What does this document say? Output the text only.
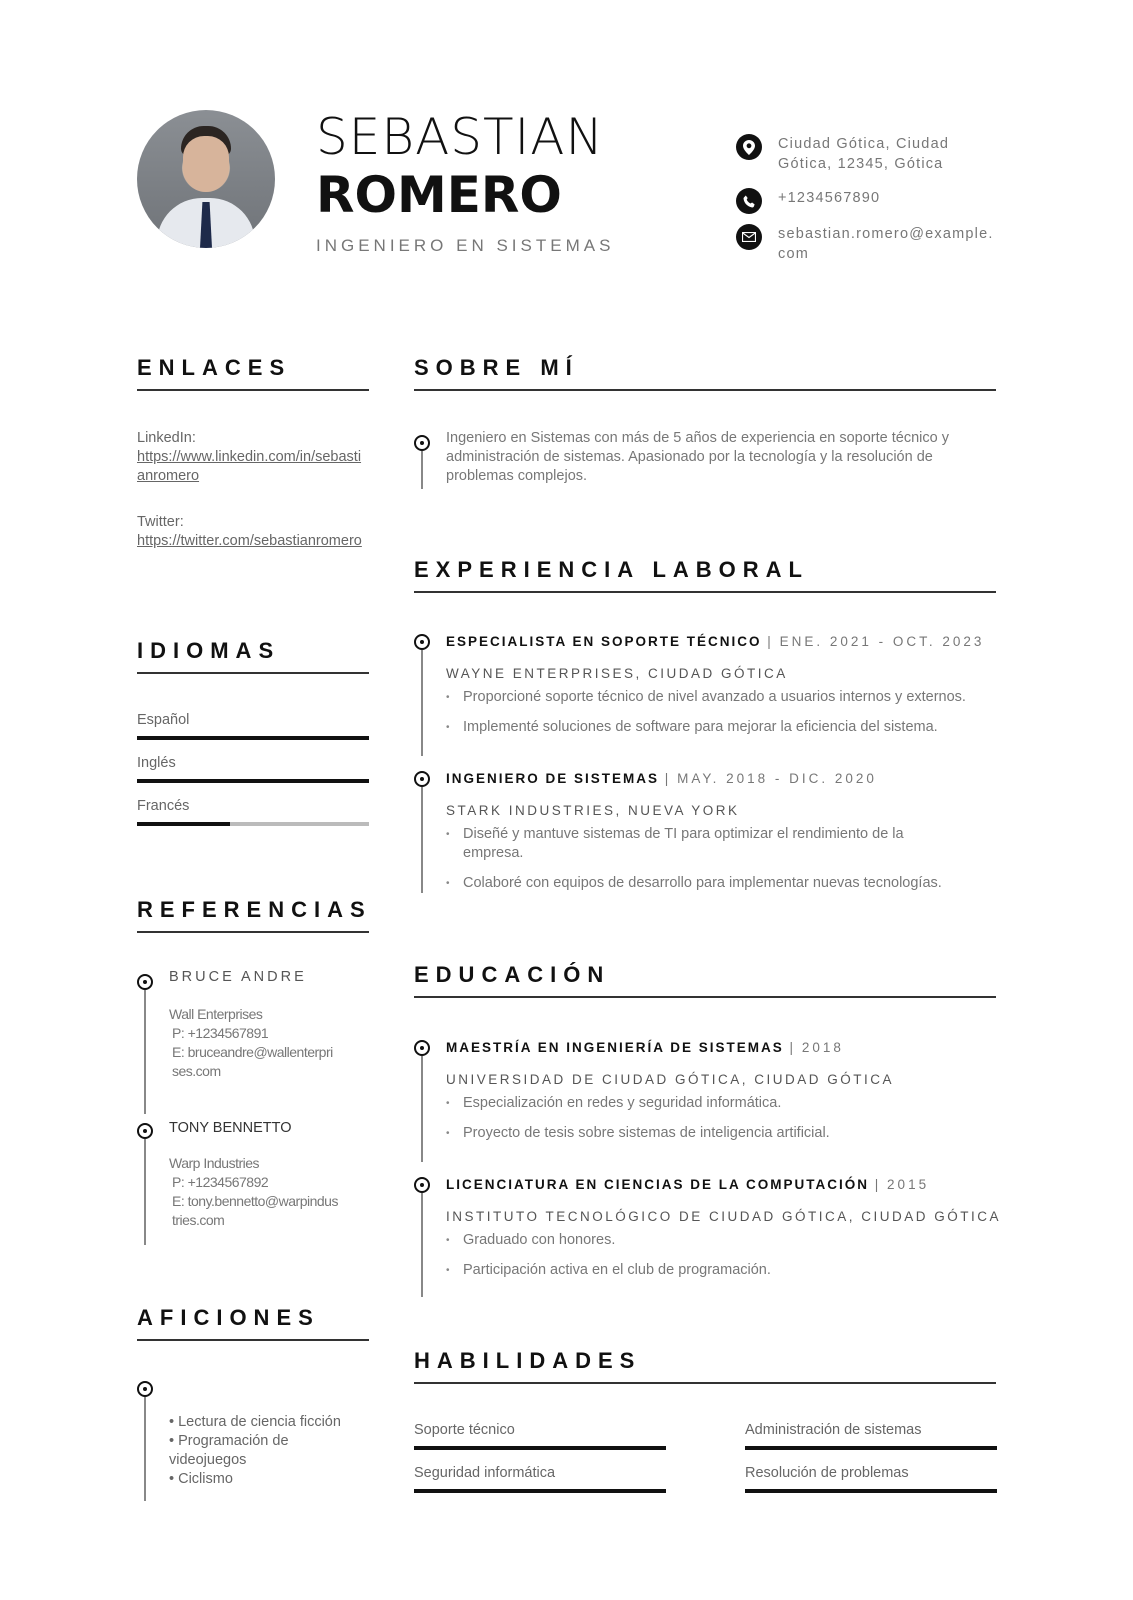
SEBASTIAN
ROMERO
INGENIERO EN SISTEMAS
Ciudad Gótica, Ciudad Gótica, 12345, Gótica
+1234567890
sebastian.romero@example.com
ENLACES
LinkedIn:
https://www.linkedin.com/in/sebastianromero
Twitter:
https://twitter.com/sebastianromero
IDIOMAS
Español
Inglés
Francés
REFERENCIAS
BRUCE ANDRE
Wall Enterprises
P: +1234567891
E: bruceandre@wallenterprises.com
TONY BENNETTO
Warp Industries
P: +1234567892
E: tony.bennetto@warpindustries.com
AFICIONES
• Lectura de ciencia ficción
• Programación de videojuegos
• Ciclismo
SOBRE MÍ
Ingeniero en Sistemas con más de 5 años de experiencia en soporte técnico y administración de sistemas. Apasionado por la tecnología y la resolución de problemas complejos.
EXPERIENCIA LABORAL
ESPECIALISTA EN SOPORTE TÉCNICO | ENE. 2021 - OCT. 2023
WAYNE ENTERPRISES, CIUDAD GÓTICA
• Proporcioné soporte técnico de nivel avanzado a usuarios internos y externos.
• Implementé soluciones de software para mejorar la eficiencia del sistema.
INGENIERO DE SISTEMAS | MAY. 2018 - DIC. 2020
STARK INDUSTRIES, NUEVA YORK
• Diseñé y mantuve sistemas de TI para optimizar el rendimiento de la empresa.
• Colaboré con equipos de desarrollo para implementar nuevas tecnologías.
EDUCACIÓN
MAESTRÍA EN INGENIERÍA DE SISTEMAS | 2018
UNIVERSIDAD DE CIUDAD GÓTICA, CIUDAD GÓTICA
• Especialización en redes y seguridad informática.
• Proyecto de tesis sobre sistemas de inteligencia artificial.
LICENCIATURA EN CIENCIAS DE LA COMPUTACIÓN | 2015
INSTITUTO TECNOLÓGICO DE CIUDAD GÓTICA, CIUDAD GÓTICA
• Graduado con honores.
• Participación activa en el club de programación.
HABILIDADES
Soporte técnico	Administración de sistemas
Seguridad informática	Resolución de problemas
